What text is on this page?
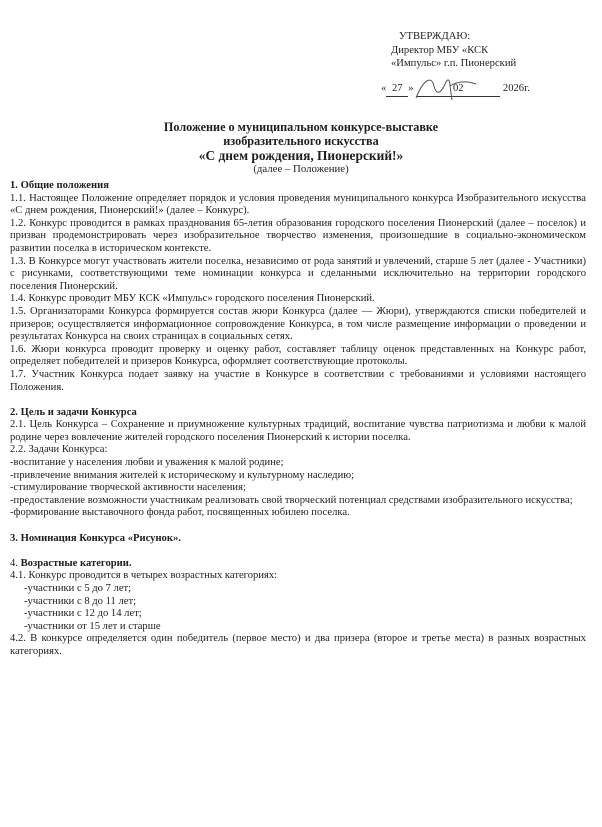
УТВЕРЖДАЮ:
Директор МБУ «КСК
«Импульс» г.п. Пионерский
« 27 »	02	2026г.
Положение о муниципальном конкурсе-выставке
изобразительного искусства
«С днем рождения, Пионерский!»
(далее – Положение)

1. Общие положения

1.1. Настоящее Положение определяет порядок и условия проведения муниципального конкурса Изобразительного искусства «С днем рождения, Пионерский!» (далее – Конкурс).

1.2. Конкурс проводится в рамках празднования 65-летия образования городского поселения Пионерский (далее – поселок) и призван продемонстрировать через изобразительное творчество изменения, произошедшие в социально-экономическом развитии поселка в историческом контексте.

1.3. В Конкурсе могут участвовать жители поселка, независимо от рода занятий и увлечений, старше 5 лет (далее - Участники) с рисунками, соответствующими теме номинации конкурса и сделанными исключительно на территории городского поселения Пионерский.

1.4. Конкурс проводит МБУ КСК «Импульс» городского поселения Пионерский.

1.5. Организаторами Конкурса формируется состав жюри Конкурса (далее — Жюри), утверждаются списки победителей и призеров; осуществляется информационное сопровождение Конкурса, в том числе размещение информации о проведении и результатах Конкурса на своих страницах в социальных сетях.

1.6. Жюри конкурса проводит проверку и оценку работ, составляет таблицу оценок представленных на Конкурс работ, определяет победителей и призеров Конкурса, оформляет соответствующие протоколы.

1.7. Участник Конкурса подает заявку на участие в Конкурсе в соответствии с требованиями и условиями настоящего Положения.

2. Цель и задачи Конкурса

2.1. Цель Конкурса – Сохранение и приумножение культурных традиций, воспитание чувства патриотизма и любви к малой родине через вовлечение жителей городского поселения Пионерский к истории поселка.

2.2. Задачи Конкурса:

-воспитание у населения любви и уважения к малой родине;

-привлечение внимания жителей к историческому и культурному наследию;

-стимулирование творческой активности населения;

-предоставление возможности участникам реализовать свой творческий потенциал средствами изобразительного искусства;

-формирование выставочного фонда работ, посвященных юбилею поселка.

3. Номинация Конкурса «Рисунок».

4. Возрастные категории.

4.1. Конкурс проводится в четырех возрастных категориях:

-участники с 5 до 7 лет;

-участники с 8 до 11 лет;

-участники с 12 до 14 лет;

-участники от 15 лет и старше

4.2. В конкурсе определяется один победитель (первое место) и два призера (второе и третье места) в разных возрастных категориях.
